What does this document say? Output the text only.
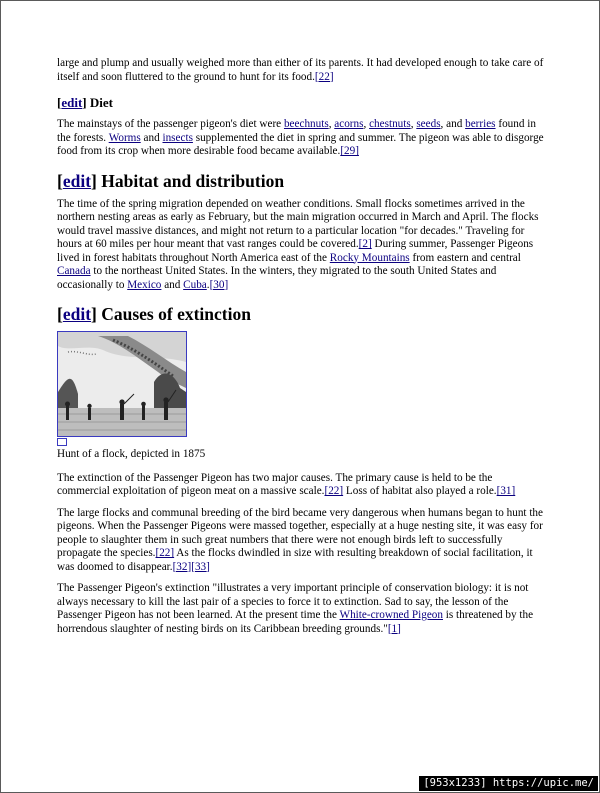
large and plump and usually weighed more than either of its parents. It had developed enough to take care of itself and soon fluttered to the ground to hunt for its food.[22]

[edit] Diet

The mainstays of the passenger pigeon's diet were beechnuts, acorns, chestnuts, seeds, and berries found in the forests. Worms and insects supplemented the diet in spring and summer. The pigeon was able to disgorge food from its crop when more desirable food became available.[29]

[edit] Habitat and distribution

The time of the spring migration depended on weather conditions. Small flocks sometimes arrived in the northern nesting areas as early as February, but the main migration occurred in March and April. The flocks would travel massive distances, and might not return to a particular location "for decades." Traveling for hours at 60 miles per hour meant that vast ranges could be covered.[2] During summer, Passenger Pigeons lived in forest habitats throughout North America east of the Rocky Mountains from eastern and central Canada to the northeast United States. In the winters, they migrated to the south United States and occasionally to Mexico and Cuba.[30]

[edit] Causes of extinction
Hunt of a flock, depicted in 1875

The extinction of the Passenger Pigeon has two major causes. The primary cause is held to be the commercial exploitation of pigeon meat on a massive scale.[22] Loss of habitat also played a role.[31]

The large flocks and communal breeding of the bird became very dangerous when humans began to hunt the pigeons. When the Passenger Pigeons were massed together, especially at a huge nesting site, it was easy for people to slaughter them in such great numbers that there were not enough birds left to successfully propagate the species.[22] As the flocks dwindled in size with resulting breakdown of social facilitation, it was doomed to disappear.[32][33]

The Passenger Pigeon's extinction "illustrates a very important principle of conservation biology: it is not always necessary to kill the last pair of a species to force it to extinction. Sad to say, the lesson of the Passenger Pigeon has not been learned. At the present time the White-crowned Pigeon is threatened by the horrendous slaughter of nesting birds on its Caribbean breeding grounds."[1]

[953x1233] https://upic.me/
